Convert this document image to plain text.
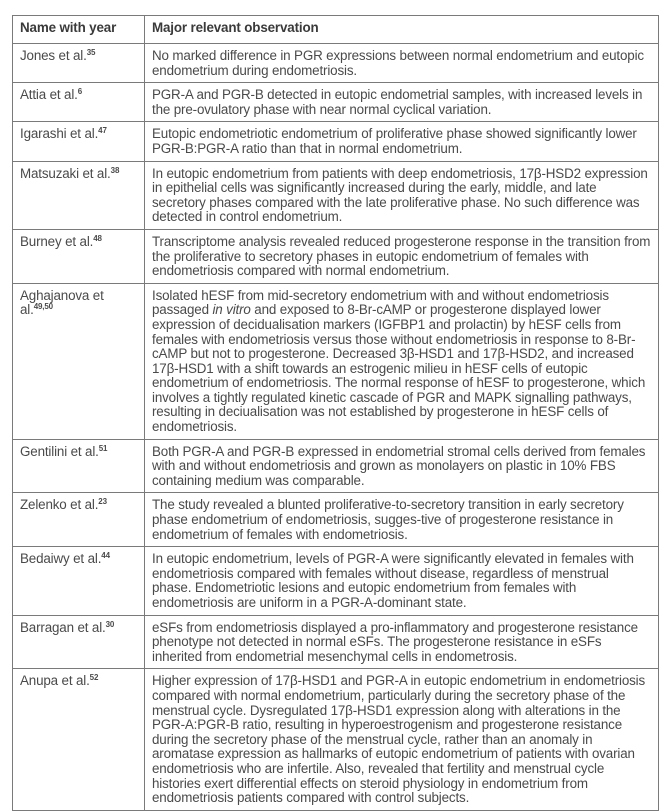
Name with year	Major relevant observation
Jones et al.$^{35}$	No marked difference in PGR expressions between normal endometrium and eutopic endometrium during endometriosis.
Attia et al.$^6$	PGR-A and PGR-B detected in eutopic endometrial samples, with increased levels in the pre-ovulatory phase with near normal cyclical variation.
Igarashi et al.$^{47}$	Eutopic endometriotic endometrium of proliferative phase showed significantly lower PGR-B:PGR-A ratio than that in normal endometrium.
Matsuzaki et al.$^{38}$	In eutopic endometrium from patients with deep endometriosis, 17β-HSD2 expression in epithelial cells was significantly increased during the early, middle, and late secretory phases compared with the late proliferative phase. No such difference was detected in control endometrium.
Burney et al.$^{48}$	Transcriptome analysis revealed reduced progesterone response in the transition from the proliferative to secretory phases in eutopic endometrium of females with endometriosis compared with normal endometrium.
Aghajanova et al.$^{49,50}$	Isolated hESF from mid-secretory endometrium with and without endometriosis passaged in vitro and exposed to 8-Br-cAMP or progesterone displayed lower expression of decidualisation markers (IGFBP1 and prolactin) by hESF cells from females with endometriosis versus those without endometriosis in response to 8-Br-cAMP but not to progesterone. Decreased 3β-HSD1 and 17β-HSD2, and increased 17β-HSD1 with a shift towards an estrogenic milieu in hESF cells of eutopic endometrium of endometriosis. The normal response of hESF to progesterone, which involves a tightly regulated kinetic cascade of PGR and MAPK signalling pathways, resulting in deciualisation was not established by progesterone in hESF cells of endometriosis.
Gentilini et al.$^{51}$	Both PGR-A and PGR-B expressed in endometrial stromal cells derived from females with and without endometriosis and grown as monolayers on plastic in 10% FBS containing medium was comparable.
Zelenko et al.$^{23}$	The study revealed a blunted proliferative-to-secretory transition in early secretory phase endometrium of endometriosis, sugges-tive of progesterone resistance in endometrium of females with endometriosis.
Bedaiwy et al.$^{44}$	In eutopic endometrium, levels of PGR-A were significantly elevated in females with endometriosis compared with females without disease, regardless of menstrual phase. Endometriotic lesions and eutopic endometrium from females with endometriosis are uniform in a PGR-A-dominant state.
Barragan et al.$^{30}$	eSFs from endometriosis displayed a pro-inflammatory and progesterone resistance phenotype not detected in normal eSFs. The progesterone resistance in eSFs inherited from endometrial mesenchymal cells in endometrosis.
Anupa et al.$^{52}$	Higher expression of 17β-HSD1 and PGR-A in eutopic endometrium in endometriosis compared with normal endometrium, particularly during the secretory phase of the menstrual cycle. Dysregulated 17β-HSD1 expression along with alterations in the PGR-A:PGR-B ratio, resulting in hyperoestrogenism and progesterone resistance during the secretory phase of the menstrual cycle, rather than an anomaly in aromatase expression as hallmarks of eutopic endometrium of patients with ovarian endometriosis who are infertile. Also, revealed that fertility and menstrual cycle histories exert differential effects on steroid physiology in endometrium from endometriosis patients compared with control subjects.
